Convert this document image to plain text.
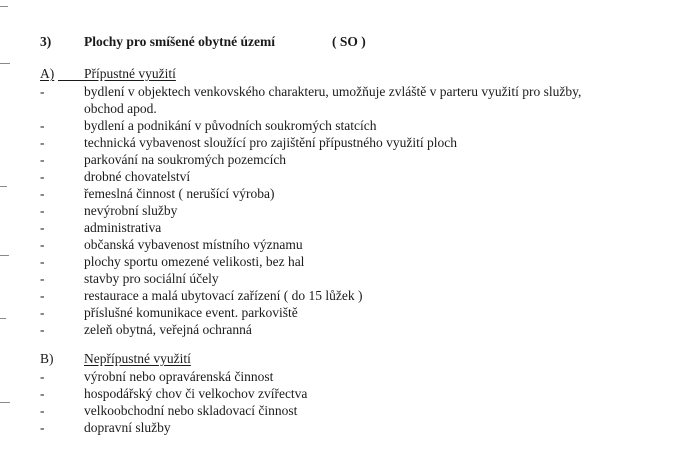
3) Plochy pro smíšené obytné území	( SO )
A) Přípustné využití
-	bydlení v objektech venkovského charakteru, umožňuje zvláště v parteru využití pro služby, obchod apod.
-	bydlení a podnikání v původních soukromých statcích
-	technická vybavenost sloužící pro zajištění přípustného využití ploch
-	parkování na soukromých pozemcích
-	drobné chovatelství
-	řemeslná činnost ( nerušící výroba)
-	nevýrobní služby
-	administrativa
-	občanská vybavenost místního významu
-	plochy sportu omezené velikosti, bez hal
-	stavby pro sociální účely
-	restaurace a malá ubytovací zařízení ( do 15 lůžek )
-	příslušné komunikace event. parkoviště
-	zeleň obytná, veřejná ochranná
B) Nepřípustné využití
-	výrobní nebo opravárenská činnost
-	hospodářský chov či velkochov zvířectva
-	velkoobchodní nebo skladovací činnost
-	dopravní služby
